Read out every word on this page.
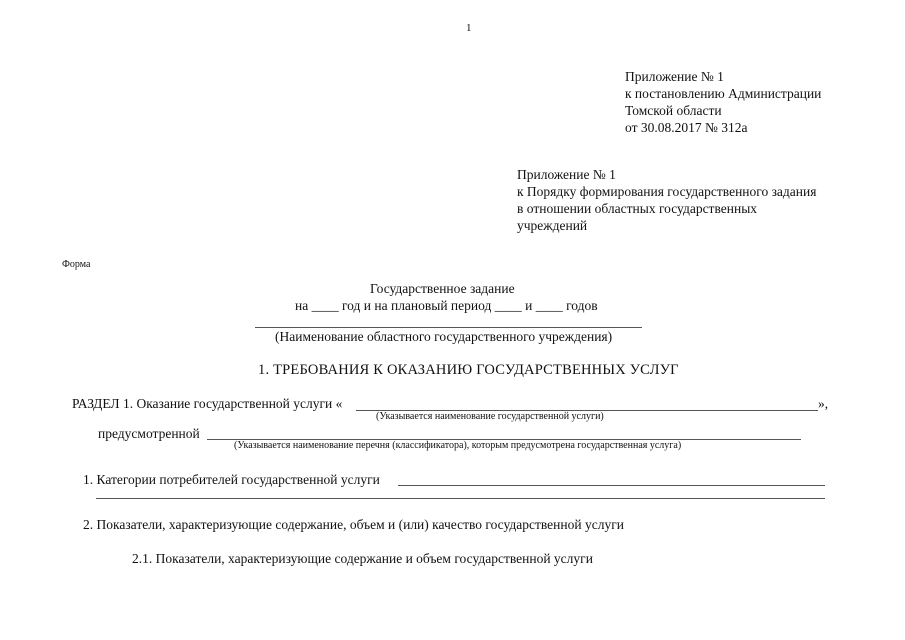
1
Приложение № 1
к постановлению Администрации
Томской области
от 30.08.2017 № 312а
Приложение № 1
к Порядку формирования государственного задания
в отношении областных государственных
учреждений
Форма
Государственное задание
на ____ год и на плановый период ____ и ____ годов
(Наименование областного государственного учреждения)
1. ТРЕБОВАНИЯ К ОКАЗАНИЮ ГОСУДАРСТВЕННЫХ УСЛУГ
РАЗДЕЛ 1. Оказание государственной услуги «	»,
(Указывается наименование государственной услуги)
предусмотренной
(Указывается наименование перечня (классификатора), которым предусмотрена государственная услуга)
1. Категории потребителей государственной услуги
2. Показатели, характеризующие содержание, объем и (или) качество государственной услуги
2.1. Показатели, характеризующие содержание и объем государственной услуги
